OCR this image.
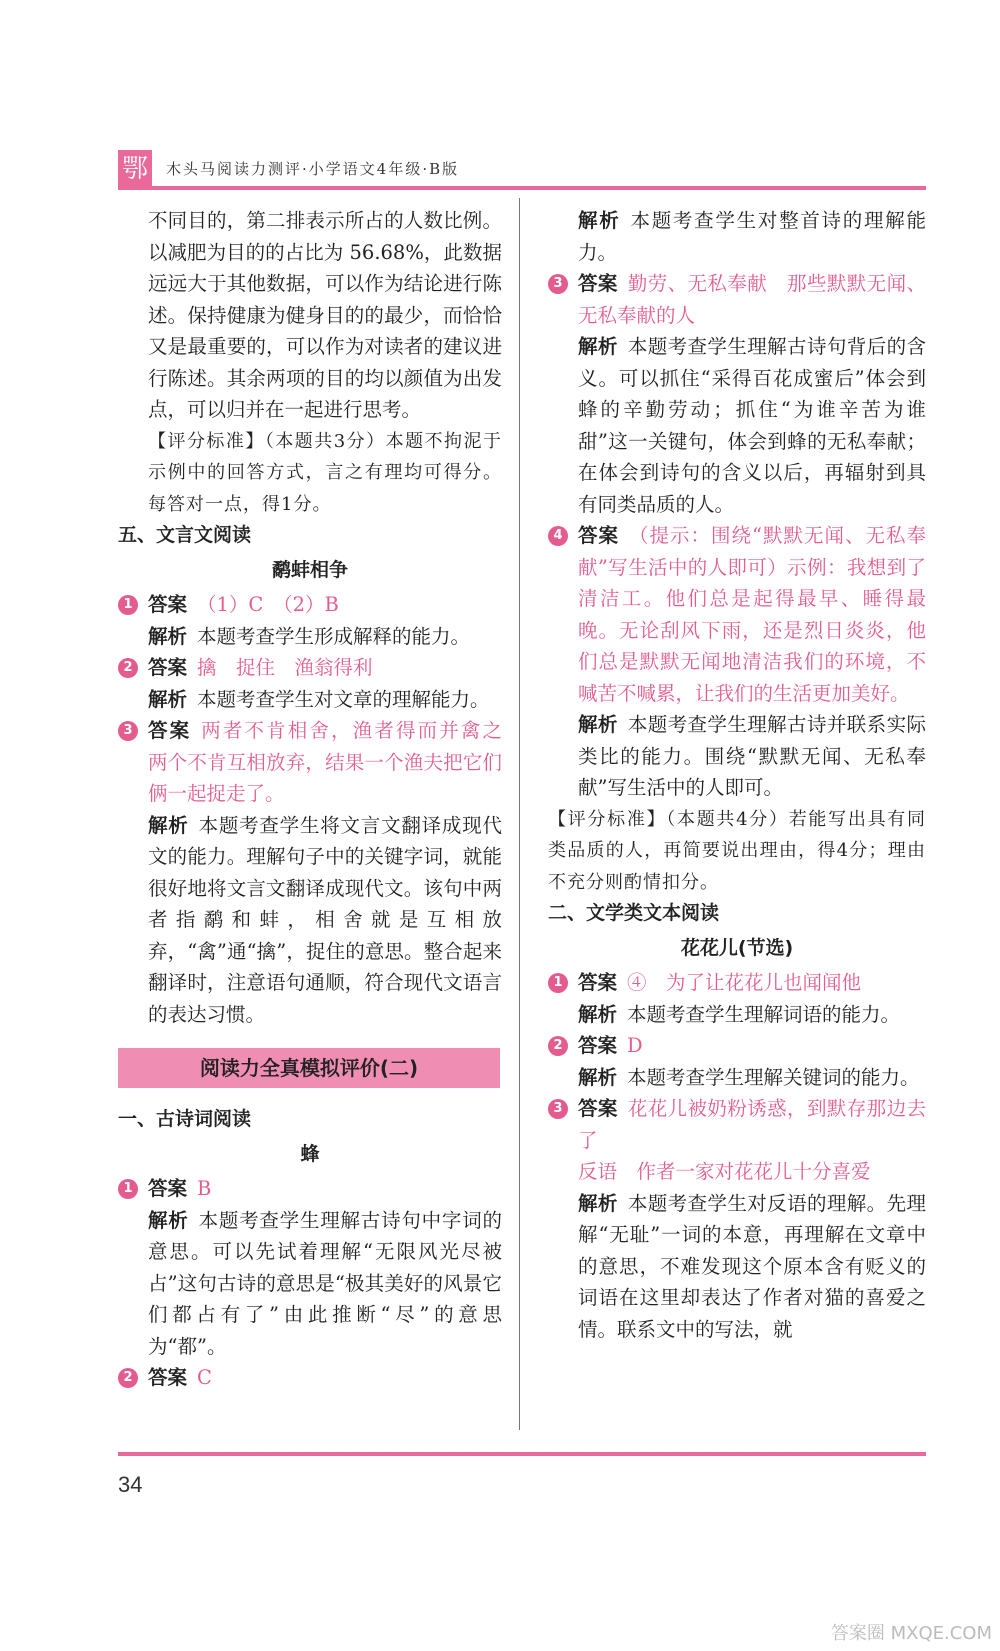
鄂 木头马阅读力测评·小学语文4年级·B版

不同目的，第二排表示所占的人数比例。以减肥为目的的占比为 56.68%，此数据远远大于其他数据，可以作为结论进行陈述。保持健康为健身目的的最少，而恰恰又是最重要的，可以作为对读者的建议进行陈述。其余两项的目的均以颜值为出发点，可以归并在一起进行思考。

【评分标准】（本题共3分）本题不拘泥于示例中的回答方式，言之有理均可得分。每答对一点，得1分。

五、文言文阅读

鹬蚌相争

1 答案 （1）C　（2）B

解析 本题考查学生形成解释的能力。

2 答案 擒　捉住　渔翁得利

解析 本题考查学生对文章的理解能力。

3 答案 两者不肯相舍，渔者得而并禽之　两个不肯互相放弃，结果一个渔夫把它们俩一起捉走了。

解析 本题考查学生将文言文翻译成现代文的能力。理解句子中的关键字词，就能很好地将文言文翻译成现代文。该句中两者指鹬和蚌，相舍就是互相放弃，“禽”通“擒”，捉住的意思。整合起来翻译时，注意语句通顺，符合现代文语言的表达习惯。

阅读力全真模拟评价(二)

一、古诗词阅读

蜂

1 答案 B

解析 本题考查学生理解古诗句中字词的意思。可以先试着理解“无限风光尽被占”这句古诗的意思是“极其美好的风景它们都占有了”由此推断“尽”的意思为“都”。

2 答案 C

解析 本题考查学生对整首诗的理解能力。

3 答案 勤劳、无私奉献　那些默默无闻、无私奉献的人

解析 本题考查学生理解古诗句背后的含义。可以抓住“采得百花成蜜后”体会到蜂的辛勤劳动；抓住“为谁辛苦为谁甜”这一关键句，体会到蜂的无私奉献；在体会到诗句的含义以后，再辐射到具有同类品质的人。

4 答案 （提示：围绕“默默无闻、无私奉献”写生活中的人即可）示例：我想到了清洁工。他们总是起得最早、睡得最晚。无论刮风下雨，还是烈日炎炎，他们总是默默无闻地清洁我们的环境，不喊苦不喊累，让我们的生活更加美好。

解析 本题考查学生理解古诗并联系实际类比的能力。围绕“默默无闻、无私奉献”写生活中的人即可。

【评分标准】（本题共4分）若能写出具有同类品质的人，再简要说出理由，得4分；理由不充分则酌情扣分。

二、文学类文本阅读

花花儿(节选)

1 答案 ④　为了让花花儿也闻闻他

解析 本题考查学生理解词语的能力。

2 答案 D

解析 本题考查学生理解关键词的能力。

3 答案 花花儿被奶粉诱惑，到默存那边去了

反语　作者一家对花花儿十分喜爱

解析 本题考查学生对反语的理解。先理解“无耻”一词的本意，再理解在文章中的意思，不难发现这个原本含有贬义的词语在这里却表达了作者对猫的喜爱之情。联系文中的写法，就

34
答案圈 MXQE.COM
